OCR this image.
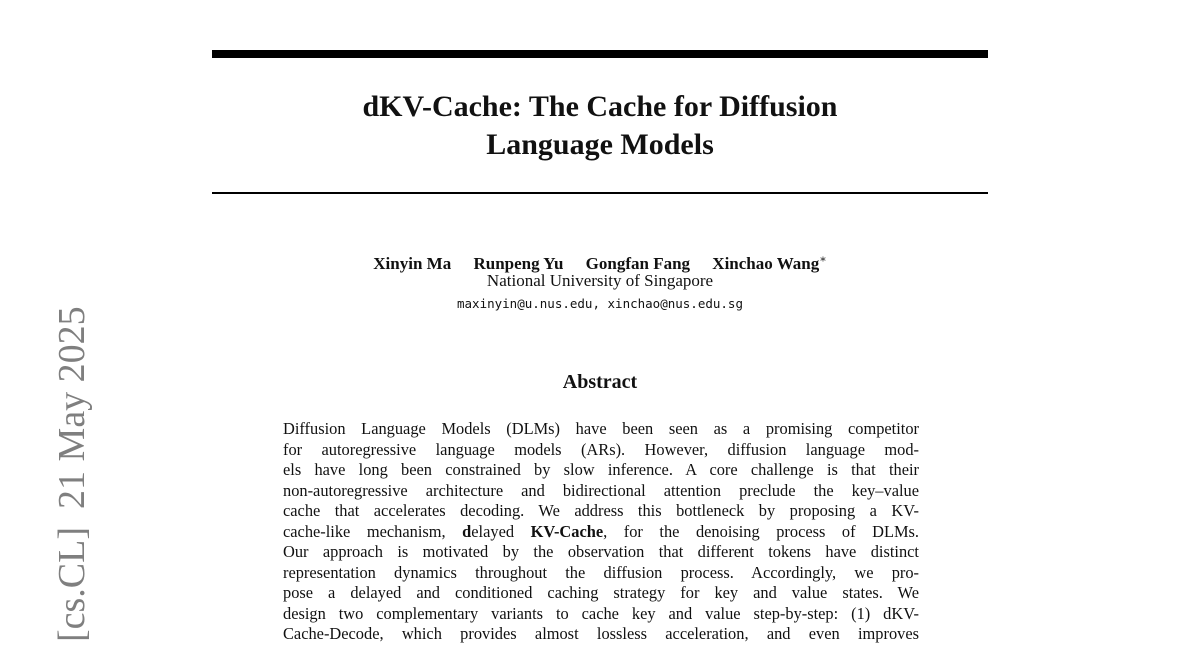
dKV-Cache: The Cache for Diffusion
Language Models
Xinyin Ma Runpeng Yu Gongfan Fang Xinchao Wang∗
National University of Singapore
maxinyin@u.nus.edu, xinchao@nus.edu.sg
Abstract
Diffusion Language Models (DLMs) have been seen as a promising competitor
for autoregressive language models (ARs). However, diffusion language mod-
els have long been constrained by slow inference. A core challenge is that their
non-autoregressive architecture and bidirectional attention preclude the key–value
cache that accelerates decoding. We address this bottleneck by proposing a KV-
cache-like mechanism, delayed KV-Cache, for the denoising process of DLMs.
Our approach is motivated by the observation that different tokens have distinct
representation dynamics throughout the diffusion process. Accordingly, we pro-
pose a delayed and conditioned caching strategy for key and value states. We
design two complementary variants to cache key and value step-by-step: (1) dKV-
Cache-Decode, which provides almost lossless acceleration, and even improves
[cs.CL]21 May 2025
